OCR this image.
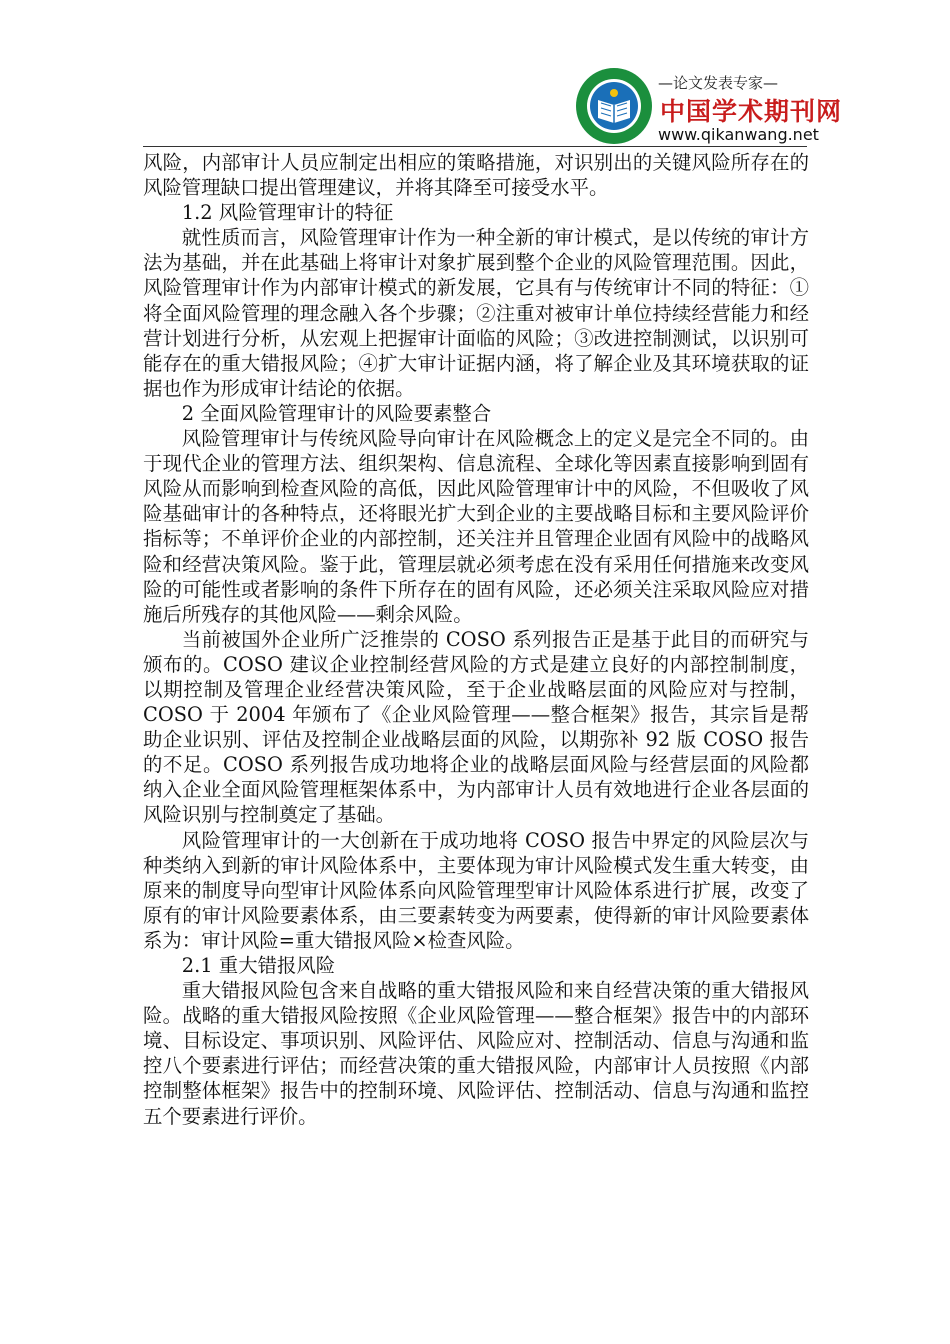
—论文发表专家—
中国学术期刊网
www.qikanwang.net

风险，内部审计人员应制定出相应的策略措施，对识别出的关键风险所存在的风险管理缺口提出管理建议，并将其降至可接受水平。

1.2 风险管理审计的特征

就性质而言，风险管理审计作为一种全新的审计模式，是以传统的审计方法为基础，并在此基础上将审计对象扩展到整个企业的风险管理范围。因此，风险管理审计作为内部审计模式的新发展，它具有与传统审计不同的特征：①将全面风险管理的理念融入各个步骤；②注重对被审计单位持续经营能力和经营计划进行分析，从宏观上把握审计面临的风险；③改进控制测试，以识别可能存在的重大错报风险；④扩大审计证据内涵，将了解企业及其环境获取的证据也作为形成审计结论的依据。

2 全面风险管理审计的风险要素整合

风险管理审计与传统风险导向审计在风险概念上的定义是完全不同的。由于现代企业的管理方法、组织架构、信息流程、全球化等因素直接影响到固有风险从而影响到检查风险的高低，因此风险管理审计中的风险，不但吸收了风险基础审计的各种特点，还将眼光扩大到企业的主要战略目标和主要风险评价指标等；不单评价企业的内部控制，还关注并且管理企业固有风险中的战略风险和经营决策风险。鉴于此，管理层就必须考虑在没有采用任何措施来改变风险的可能性或者影响的条件下所存在的固有风险，还必须关注采取风险应对措施后所残存的其他风险——剩余风险。

当前被国外企业所广泛推崇的 COSO 系列报告正是基于此目的而研究与颁布的。COSO 建议企业控制经营风险的方式是建立良好的内部控制制度，以期控制及管理企业经营决策风险，至于企业战略层面的风险应对与控制，COSO 于 2004 年颁布了《企业风险管理——整合框架》报告，其宗旨是帮助企业识别、评估及控制企业战略层面的风险，以期弥补 92 版 COSO 报告的不足。COSO 系列报告成功地将企业的战略层面风险与经营层面的风险都纳入企业全面风险管理框架体系中，为内部审计人员有效地进行企业各层面的风险识别与控制奠定了基础。

风险管理审计的一大创新在于成功地将 COSO 报告中界定的风险层次与种类纳入到新的审计风险体系中，主要体现为审计风险模式发生重大转变，由原来的制度导向型审计风险体系向风险管理型审计风险体系进行扩展，改变了原有的审计风险要素体系，由三要素转变为两要素，使得新的审计风险要素体系为：审计风险=重大错报风险×检查风险。

2.1 重大错报风险

重大错报风险包含来自战略的重大错报风险和来自经营决策的重大错报风险。战略的重大错报风险按照《企业风险管理——整合框架》报告中的内部环境、目标设定、事项识别、风险评估、风险应对、控制活动、信息与沟通和监控八个要素进行评估；而经营决策的重大错报风险，内部审计人员按照《内部控制整体框架》报告中的控制环境、风险评估、控制活动、信息与沟通和监控五个要素进行评价。
